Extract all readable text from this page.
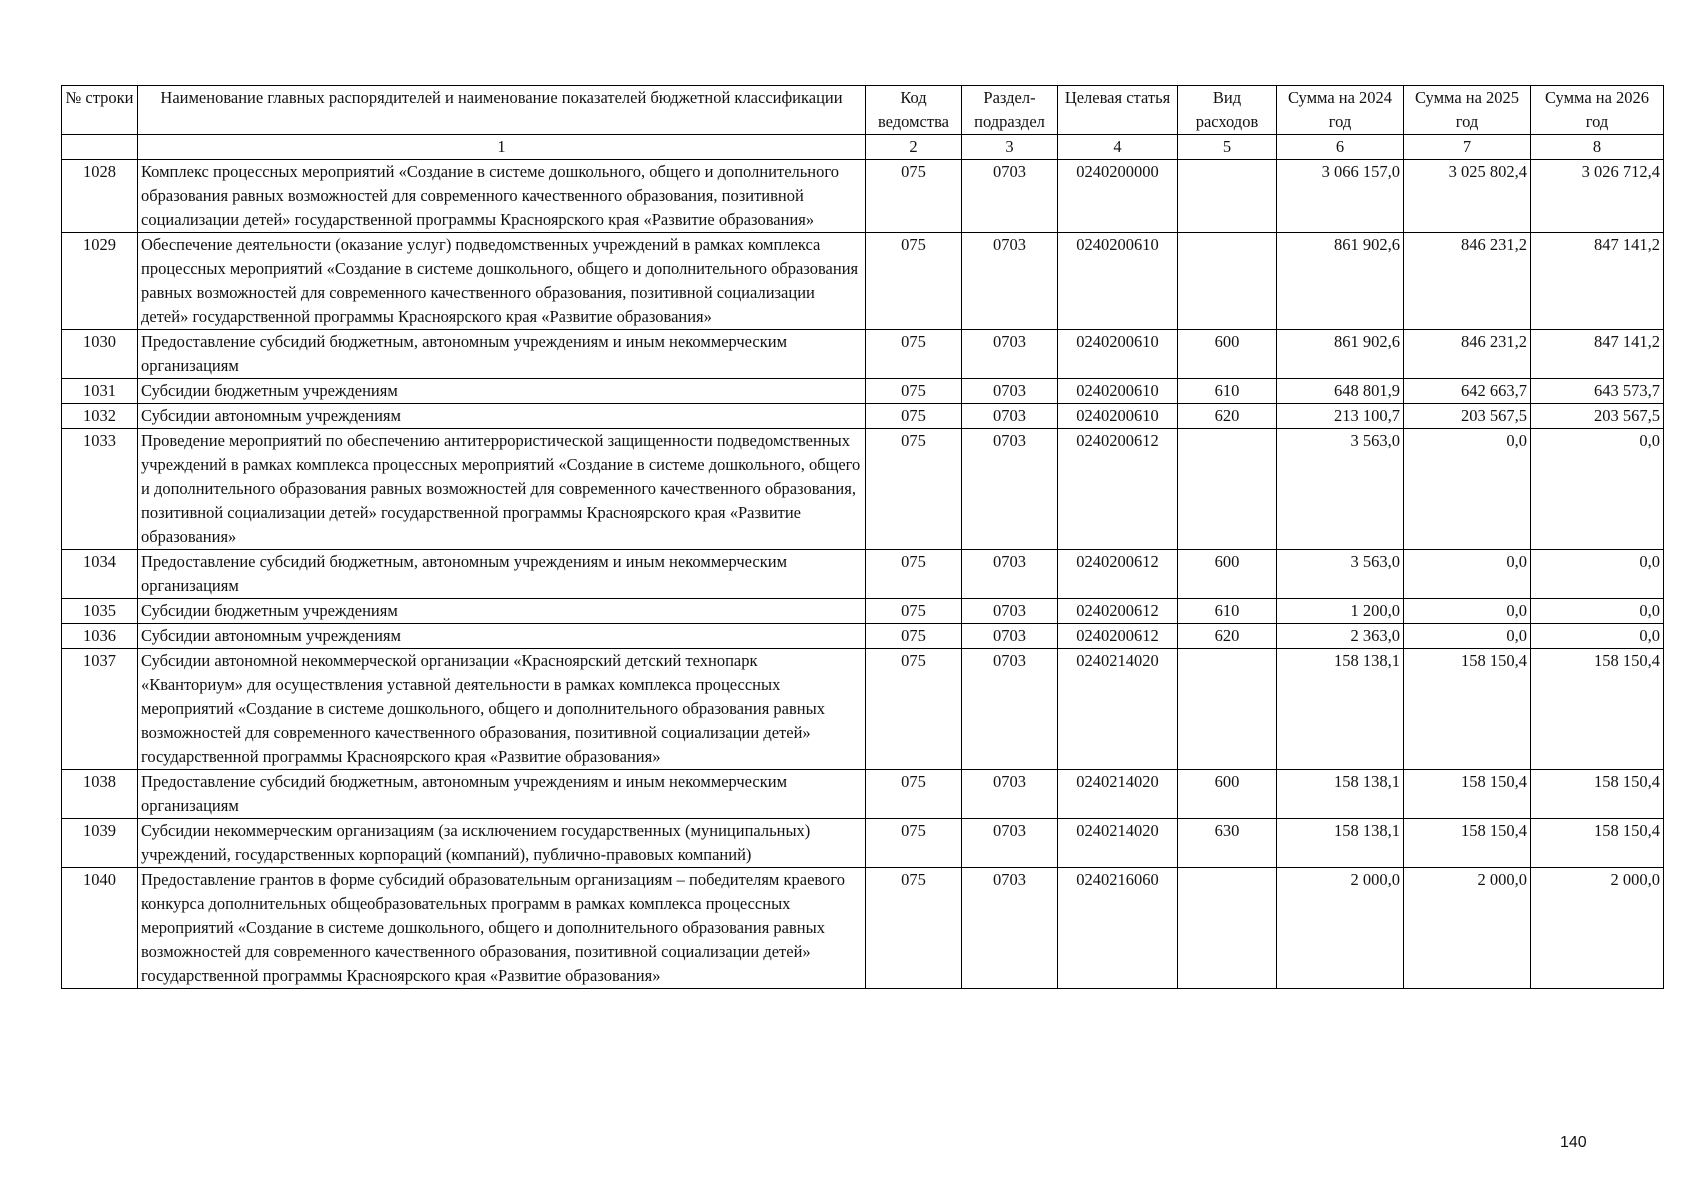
№ строки	Наименование главных распорядителей и наименование показателей бюджетной классификации	Код ведомства	Раздел-подраздел	Целевая статья	Вид расходов	Сумма на 2024 год	Сумма на 2025 год	Сумма на 2026 год
	1	2	3	4	5	6	7	8
1028	Комплекс процессных мероприятий «Создание в системе дошкольного, общего и дополнительного образования равных возможностей для современного качественного образования, позитивной социализации детей» государственной программы Красноярского края «Развитие образования»	075	0703	0240200000		3 066 157,0	3 025 802,4	3 026 712,4
1029	Обеспечение деятельности (оказание услуг) подведомственных учреждений в рамках комплекса процессных мероприятий «Создание в системе дошкольного, общего и дополнительного образования равных возможностей для современного качественного образования, позитивной социализации детей» государственной программы Красноярского края «Развитие образования»	075	0703	0240200610		861 902,6	846 231,2	847 141,2
1030	Предоставление субсидий бюджетным, автономным учреждениям и иным некоммерческим организациям	075	0703	0240200610	600	861 902,6	846 231,2	847 141,2
1031	Субсидии бюджетным учреждениям	075	0703	0240200610	610	648 801,9	642 663,7	643 573,7
1032	Субсидии автономным учреждениям	075	0703	0240200610	620	213 100,7	203 567,5	203 567,5
1033	Проведение мероприятий по обеспечению антитеррористической защищенности подведомственных учреждений в рамках комплекса процессных мероприятий «Создание в системе дошкольного, общего и дополнительного образования равных возможностей для современного качественного образования, позитивной социализации детей» государственной программы Красноярского края «Развитие образования»	075	0703	0240200612		3 563,0	0,0	0,0
1034	Предоставление субсидий бюджетным, автономным учреждениям и иным некоммерческим организациям	075	0703	0240200612	600	3 563,0	0,0	0,0
1035	Субсидии бюджетным учреждениям	075	0703	0240200612	610	1 200,0	0,0	0,0
1036	Субсидии автономным учреждениям	075	0703	0240200612	620	2 363,0	0,0	0,0
1037	Субсидии автономной некоммерческой организации «Красноярский детский технопарк «Кванториум» для осуществления уставной деятельности в рамках комплекса процессных мероприятий «Создание в системе дошкольного, общего и дополнительного образования равных возможностей для современного качественного образования, позитивной социализации детей» государственной программы Красноярского края «Развитие образования»	075	0703	0240214020		158 138,1	158 150,4	158 150,4
1038	Предоставление субсидий бюджетным, автономным учреждениям и иным некоммерческим организациям	075	0703	0240214020	600	158 138,1	158 150,4	158 150,4
1039	Субсидии некоммерческим организациям (за исключением государственных (муниципальных) учреждений, государственных корпораций (компаний), публично-правовых компаний)	075	0703	0240214020	630	158 138,1	158 150,4	158 150,4
1040	Предоставление грантов в форме субсидий образовательным организациям – победителям краевого конкурса дополнительных общеобразовательных программ в рамках комплекса процессных мероприятий «Создание в системе дошкольного, общего и дополнительного образования равных возможностей для современного качественного образования, позитивной социализации детей» государственной программы Красноярского края «Развитие образования»	075	0703	0240216060		2 000,0	2 000,0	2 000,0
140
